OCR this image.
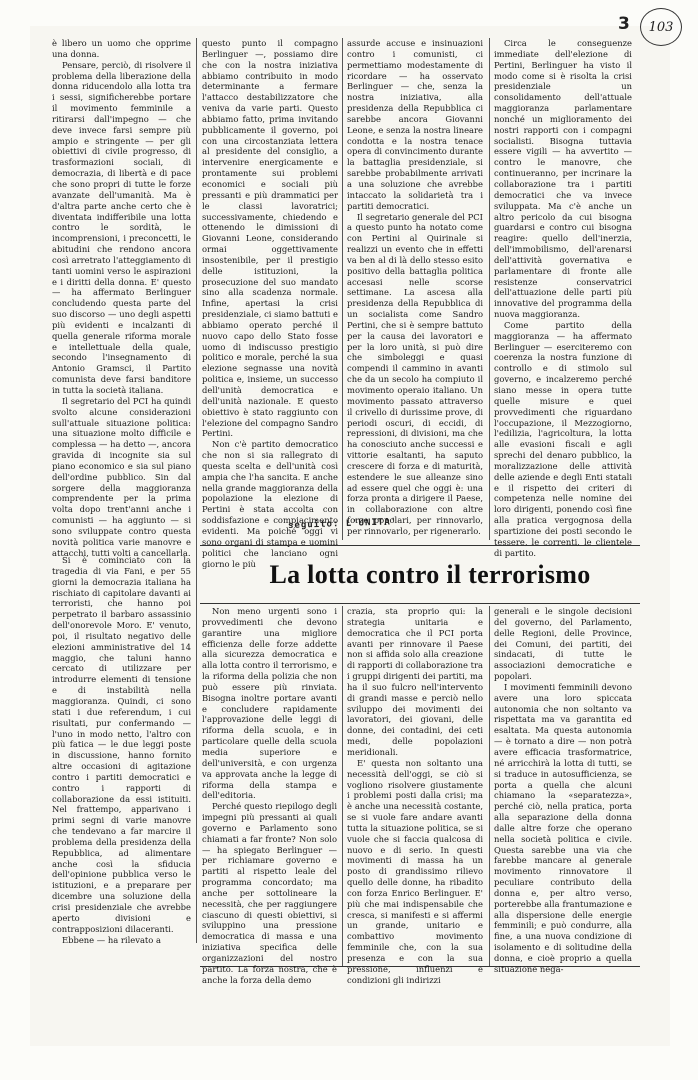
3	103

è libero un uomo che opprime una donna.

Pensare, perciò, di risolvere il problema della liberazione della donna riducendolo alla lotta tra i sessi, significherebbe portare il movimento femminile a ritirarsi dall'impegno — che deve invece farsi sempre più ampio e stringente — per gli obiettivi di civile progresso, di trasformazioni sociali, di democrazia, di libertà e di pace che sono propri di tutte le forze avanzate dell'umanità. Ma è d'altra parte anche certo che è diventata indifferibile una lotta contro le sordità, le incomprensioni, i preconcetti, le abitudini che rendono ancora così arretrato l'atteggiamento di tanti uomini verso le aspirazioni e i diritti della donna. E' questo — ha affermato Berlinguer concludendo questa parte del suo discorso — uno degli aspetti più evidenti e incalzanti di quella generale riforma morale e intellettuale della quale, secondo l'insegnamento di Antonio Gramsci, il Partito comunista deve farsi banditore in tutta la società italiana.

Il segretario del PCI ha quindi svolto alcune considerazioni sull'attuale situazione politica: una situazione molto difficile e complessa — ha detto —, ancora gravida di incognite sia sul piano economico e sia sul piano dell'ordine pubblico. Sin dal sorgere della maggioranza comprendente per la prima volta dopo trent'anni anche i comunisti — ha aggiunto — si sono sviluppate contro questa novità politica varie manovre e attacchi, tutti volti a cancellarla.

Si è cominciato con la tragedia di via Fani, e per 55 giorni la democrazia italiana ha rischiato di capitolare davanti ai terroristi, che hanno poi perpetrato il barbaro assassinio dell'onorevole Moro. E' venuto, poi, il risultato negativo delle elezioni amministrative del 14 maggio, che taluni hanno cercato di utilizzare per introdurre elementi di tensione e di instabilità nella maggioranza. Quindi, ci sono stati i due referendum, i cui risultati, pur confermando — l'uno in modo netto, l'altro con più fatica — le due leggi poste in discussione, hanno fornito altre occasioni di agitazione contro i partiti democratici e contro i rapporti di collaborazione da essi istituiti. Nel frattempo, apparivano i primi segni di varie manovre che tendevano a far marcire il problema della presidenza della Repubblica, ad alimentare anche così la sfiducia dell'opinione pubblica verso le istituzioni, e a preparare per dicembre una soluzione della crisi presidenziale che avrebbe aperto divisioni e contrapposizioni dilaceranti.

Ebbene — ha rilevato a

questo punto il compagno Berlinguer —, possiamo dire che con la nostra iniziativa abbiamo contribuito in modo determinante a fermare l'attacco destabilizzatore che veniva da varie parti. Questo abbiamo fatto, prima invitando pubblicamente il governo, poi con una circostanziata lettera al presidente del consiglio, a intervenire energicamente e prontamente sui problemi economici e sociali più pressanti e più drammatici per le classi lavoratrici; successivamente, chiedendo e ottenendo le dimissioni di Giovanni Leone, considerando ormai oggettivamente insostenibile, per il prestigio delle istituzioni, la prosecuzione del suo mandato sino alla scadenza normale. Infine, apertasi la crisi presidenziale, ci siamo battuti e abbiamo operato perché il nuovo capo dello Stato fosse uomo di indiscusso prestigio politico e morale, perché la sua elezione segnasse una novità politica e, insieme, un successo dell'unità democratica e dell'unità nazionale. E questo obiettivo è stato raggiunto con l'elezione del compagno Sandro Pertini.

Non c'è partito democratico che non si sia rallegrato di questa scelta e dell'unità così ampia che l'ha sancita. E anche nella grande maggioranza della popolazione la elezione di Pertini è stata accolta con soddisfazione e compiacimento evidenti. Ma poiché oggi vi sono organi di stampa e uomini politici che lanciano ogni giorno le più

assurde accuse e insinuazioni contro i comunisti, ci permettiamo modestamente di ricordare — ha osservato Berlinguer — che, senza la nostra iniziativa, alla presidenza della Repubblica ci sarebbe ancora Giovanni Leone, e senza la nostra lineare condotta e la nostra tenace opera di convincimento durante la battaglia presidenziale, si sarebbe probabilmente arrivati a una soluzione che avrebbe intaccato la solidarietà tra i partiti democratici.

Il segretario generale del PCI a questo punto ha notato come con Pertini al Quirinale si realizzi un evento che in effetti va ben al di là dello stesso esito positivo della battaglia politica accesasi nelle scorse settimane. La ascesa alla presidenza della Repubblica di un socialista come Sandro Pertini, che si è sempre battuto per la causa dei lavoratori e per la loro unità, si può dire che simboleggi e quasi compendi il cammino in avanti che da un secolo ha compiuto il movimento operaio italiano. Un movimento passato attraverso il crivello di durissime prove, di periodi oscuri, di eccidi, di repressioni, di divisioni, ma che ha conosciuto anche successi e vittorie esaltanti, ha saputo crescere di forza e di maturità, estendere le sue alleanze sino ad essere quel che oggi è: una forza pronta a dirigere il Paese, in collaborazione con altre forze popolari, per rinnovarlo, per rinnovarlo, per rigenerarlo.

Circa le conseguenze immediate dell'elezione di Pertini, Berlinguer ha visto il modo come si è risolta la crisi presidenziale un consolidamento dell'attuale maggioranza parlamentare nonché un miglioramento dei nostri rapporti con i compagni socialisti. Bisogna tuttavia essere vigili — ha avvertito — contro le manovre, che continueranno, per incrinare la collaborazione tra i partiti democratici che va invece sviluppata. Ma c'è anche un altro pericolo da cui bisogna guardarsi e contro cui bisogna reagire: quello dell'inerzia, dell'immobilismo, dell'arenarsi dell'attività governativa e parlamentare di fronte alle resistenze conservatrici dell'attuazione delle parti più innovative del programma della nuova maggioranza.

Come partito della maggioranza — ha affermato Berlinguer — eserciteremo con coerenza la nostra funzione di controllo e di stimolo sul governo, e incalzeremo perché siano messe in opera tutte quelle misure e quei provvedimenti che riguardano l'occupazione, il Mezzogiorno, l'edilizia, l'agricoltura, la lotta alle evasioni fiscali e agli sprechi del denaro pubblico, la moralizzazione delle attività delle aziende e degli Enti statali e il rispetto dei criteri di competenza nelle nomine dei loro dirigenti, ponendo così fine alla pratica vergognosa della spartizione dei posti secondo le tessere, le correnti, le clientele di partito.

seguito: L'UNITA'
La lotta contro il terrorismo

Non meno urgenti sono i provvedimenti che devono garantire una migliore efficienza delle forze addette alla sicurezza democratica e alla lotta contro il terrorismo, e la riforma della polizia che non può essere più rinviata. Bisogna inoltre portare avanti e concludere rapidamente l'approvazione delle leggi di riforma della scuola, e in particolare quelle della scuola media superiore e dell'università, e con urgenza va approvata anche la legge di riforma della stampa e dell'editoria.

Perché questo riepilogo degli impegni più pressanti ai quali governo e Parlamento sono chiamati a far fronte? Non solo — ha spiegato Berlinguer — per richiamare governo e partiti al rispetto leale del programma concordato; ma anche per sottolineare la necessità, che per raggiungere ciascuno di questi obiettivi, si sviluppino una pressione democratica di massa e una iniziativa specifica delle organizzazioni del nostro partito. La forza nostra, che è anche la forza della demo

crazia, sta proprio qui: la strategia unitaria e democratica che il PCI porta avanti per rinnovare il Paese non si affida solo alla creazione di rapporti di collaborazione tra i gruppi dirigenti dei partiti, ma ha il suo fulcro nell'intervento di grandi masse e perciò nello sviluppo dei movimenti dei lavoratori, dei giovani, delle donne, dei contadini, dei ceti medi, delle popolazioni meridionali.

E' questa non soltanto una necessità dell'oggi, se ciò si vogliono risolvere giustamente i problemi posti dalla crisi; ma è anche una necessità costante, se si vuole fare andare avanti tutta la situazione politica, se si vuole che si faccia qualcosa di nuovo e di serio. In questi movimenti di massa ha un posto di grandissimo rilievo quello delle donne, ha ribadito con forza Enrico Berlinguer. E' più che mai indispensabile che cresca, si manifesti e si affermi un grande, unitario e combattivo movimento femminile che, con la sua presenza e con la sua pressione, influenzi e condizioni gli indirizzi

generali e le singole decisioni del governo, del Parlamento, delle Regioni, delle Province, dei Comuni, dei partiti, dei sindacati, di tutte le associazioni democratiche e popolari.

I movimenti femminili devono avere una loro spiccata autonomia che non soltanto va rispettata ma va garantita ed esaltata. Ma questa autonomia — è tornato a dire — non potrà avere efficacia trasformatrice, né arricchirà la lotta di tutti, se si traduce in autosufficienza, se porta a quella che alcuni chiamano la «separatezza», perché ciò, nella pratica, porta alla separazione della donna dalle altre forze che operano nella società politica e civile. Questa sarebbe una via che farebbe mancare al generale movimento rinnovatore il peculiare contributo della donna e, per altro verso, porterebbe alla frantumazione e alla dispersione delle energie femminili; e può condurre, alla fine, a una nuova condizione di isolamento e di solitudine della donna, e cioè proprio a quella situazione nega-
